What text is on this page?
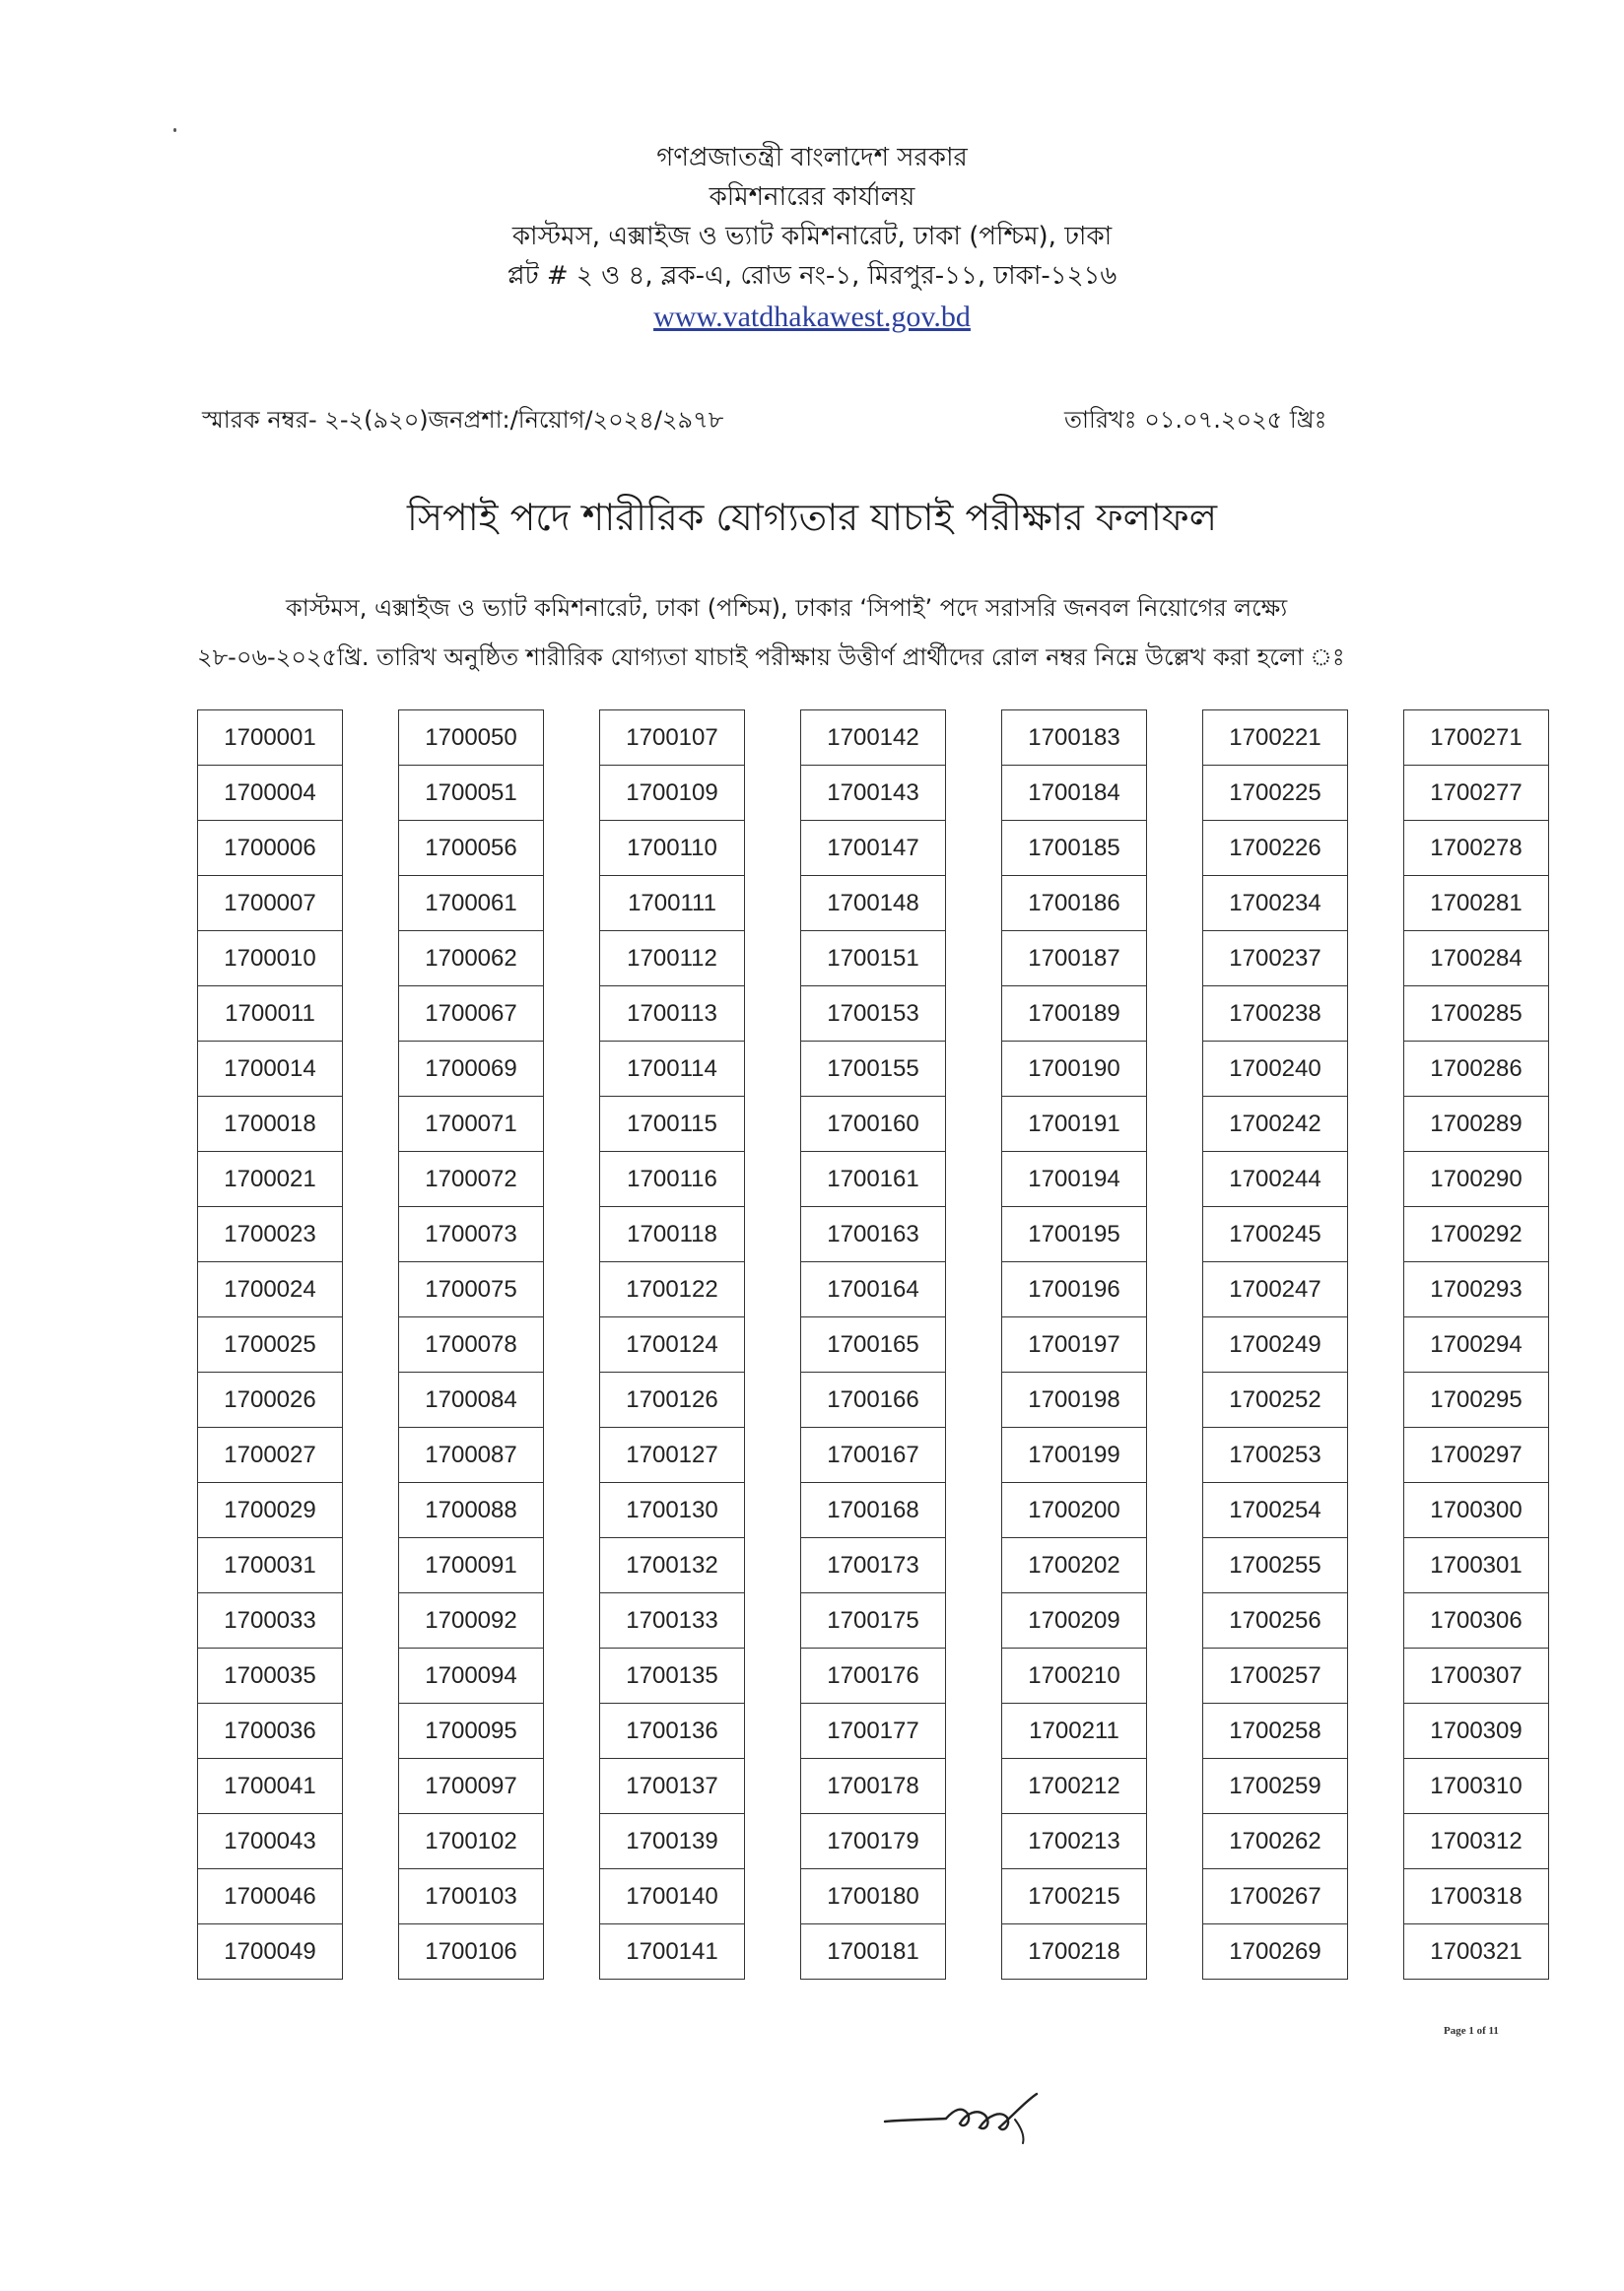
গণপ্রজাতন্ত্রী বাংলাদেশ সরকার
কমিশনারের কার্যালয়
কাস্টমস, এক্সাইজ ও ভ্যাট কমিশনারেট, ঢাকা (পশ্চিম), ঢাকা
প্লট # ২ ও ৪, ব্লক-এ, রোড নং-১, মিরপুর-১১, ঢাকা-১২১৬
www.vatdhakawest.gov.bd
স্মারক নম্বর- ২-২(৯২০)জনপ্রশা:/নিয়োগ/২০২৪/২৯৭৮	তারিখঃ ০১.০৭.২০২৫ খ্রিঃ
সিপাই পদে শারীরিক যোগ্যতার যাচাই পরীক্ষার ফলাফল
কাস্টমস, এক্সাইজ ও ভ্যাট কমিশনারেট, ঢাকা (পশ্চিম), ঢাকার ‘সিপাই’ পদে সরাসরি জনবল নিয়োগের লক্ষ্যে
২৮-০৬-২০২৫খ্রি. তারিখ অনুষ্ঠিত শারীরিক যোগ্যতা যাচাই পরীক্ষায় উত্তীর্ণ প্রার্থীদের রোল নম্বর নিম্নে উল্লেখ করা হলো ঃ
1700001
1700004
1700006
1700007
1700010
1700011
1700014
1700018
1700021
1700023
1700024
1700025
1700026
1700027
1700029
1700031
1700033
1700035
1700036
1700041
1700043
1700046
1700049
1700050
1700051
1700056
1700061
1700062
1700067
1700069
1700071
1700072
1700073
1700075
1700078
1700084
1700087
1700088
1700091
1700092
1700094
1700095
1700097
1700102
1700103
1700106
1700107
1700109
1700110
1700111
1700112
1700113
1700114
1700115
1700116
1700118
1700122
1700124
1700126
1700127
1700130
1700132
1700133
1700135
1700136
1700137
1700139
1700140
1700141
1700142
1700143
1700147
1700148
1700151
1700153
1700155
1700160
1700161
1700163
1700164
1700165
1700166
1700167
1700168
1700173
1700175
1700176
1700177
1700178
1700179
1700180
1700181
1700183
1700184
1700185
1700186
1700187
1700189
1700190
1700191
1700194
1700195
1700196
1700197
1700198
1700199
1700200
1700202
1700209
1700210
1700211
1700212
1700213
1700215
1700218
1700221
1700225
1700226
1700234
1700237
1700238
1700240
1700242
1700244
1700245
1700247
1700249
1700252
1700253
1700254
1700255
1700256
1700257
1700258
1700259
1700262
1700267
1700269
1700271
1700277
1700278
1700281
1700284
1700285
1700286
1700289
1700290
1700292
1700293
1700294
1700295
1700297
1700300
1700301
1700306
1700307
1700309
1700310
1700312
1700318
1700321
Page 1 of 11
